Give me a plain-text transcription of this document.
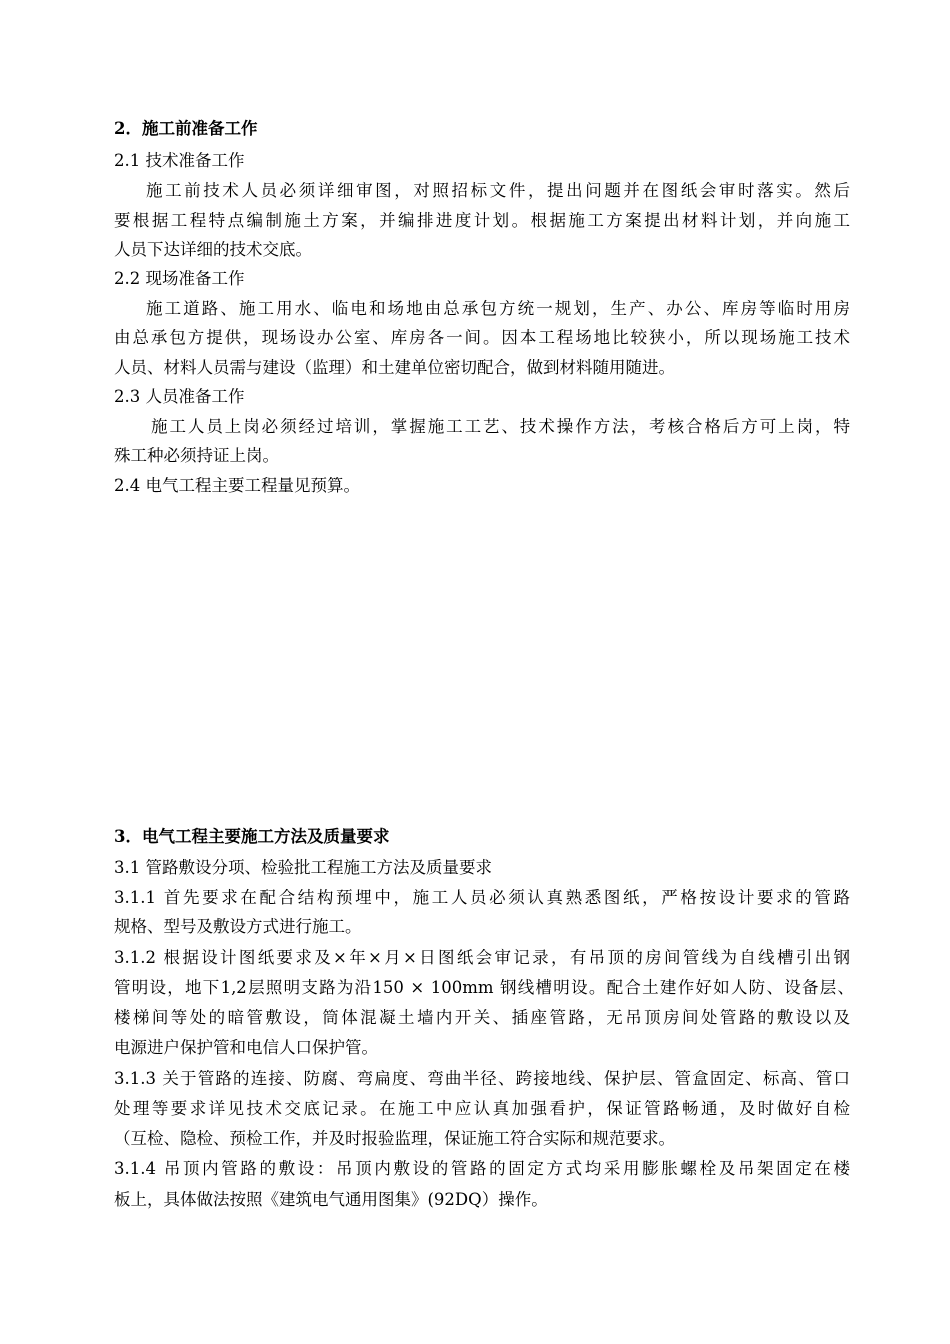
2．施工前准备工作
2.1 技术准备工作
施工前技术人员必须详细审图，对照招标文件，提出问题并在图纸会审时落实。然后
要根据工程特点编制施土方案，并编排进度计划。根据施工方案提出材料计划，并向施工
人员下达详细的技术交底。
2.2 现场准备工作
施工道路、施工用水、临电和场地由总承包方统一规划，生产、办公、库房等临时用房
由总承包方提供，现场设办公室、库房各一间。因本工程场地比较狭小，所以现场施工技术
人员、材料人员需与建设（监理）和土建单位密切配合，做到材料随用随进。
2.3 人员准备工作
施工人员上岗必须经过培训，掌握施工工艺、技术操作方法，考核合格后方可上岗，特
殊工种必须持证上岗。
2.4 电气工程主要工程量见预算。
3．电气工程主要施工方法及质量要求
3.1 管路敷设分项、检验批工程施工方法及质量要求
3.1.1 首先要求在配合结构预埋中，施工人员必须认真熟悉图纸，严格按设计要求的管路
规格、型号及敷设方式进行施工。
3.1.2 根据设计图纸要求及×年×月×日图纸会审记录，有吊顶的房间管线为自线槽引出钢
管明设，地下1,2层照明支路为沿150 × 100mm 钢线槽明设。配合土建作好如人防、设备层、
楼梯间等处的暗管敷设，筒体混凝土墙内开关、插座管路，无吊顶房间处管路的敷设以及
电源进户保护管和电信人口保护管。
3.1.3 关于管路的连接、防腐、弯扁度、弯曲半径、跨接地线、保护层、管盒固定、标高、管口
处理等要求详见技术交底记录。在施工中应认真加强看护，保证管路畅通，及时做好自检
（互检、隐检、预检工作，并及时报验监理，保证施工符合实际和规范要求。
3.1.4 吊顶内管路的敷设：吊顶内敷设的管路的固定方式均采用膨胀螺栓及吊架固定在楼
板上，具体做法按照《建筑电气通用图集》(92DQ）操作。
